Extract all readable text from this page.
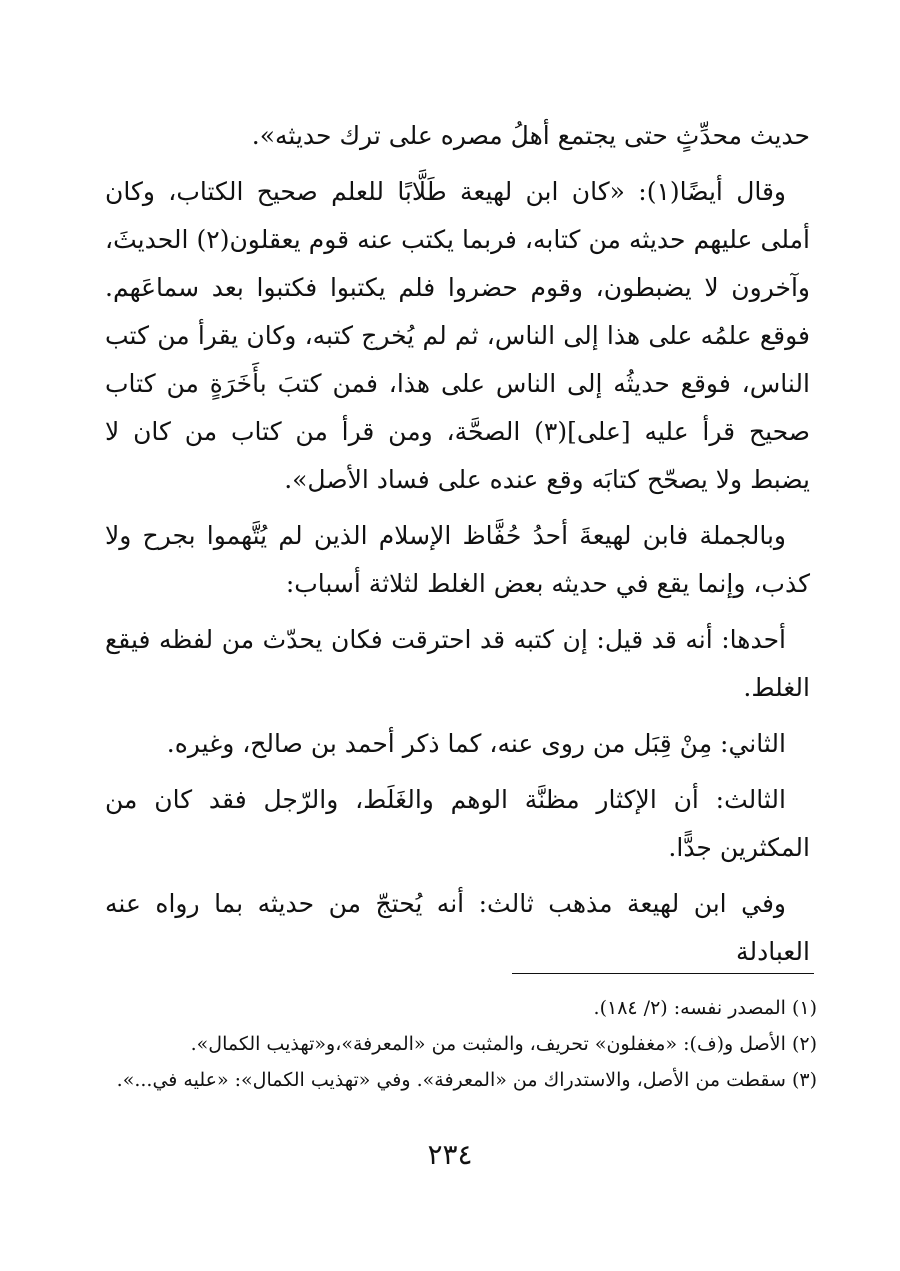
حديث محدِّثٍ حتى يجتمع أهلُ مصره على ترك حديثه».

وقال أيضًا(١): «كان ابن لهيعة طَلَّابًا للعلم صحيح الكتاب، وكان أملى عليهم حديثه من كتابه، فربما يكتب عنه قوم يعقلون(٢) الحديثَ، وآخرون لا يضبطون، وقوم حضروا فلم يكتبوا فكتبوا بعد سماعَهم. فوقع علمُه على هذا إلى الناس، ثم لم يُخرج كتبه، وكان يقرأ من كتب الناس، فوقع حديثُه إلى الناس على هذا، فمن كتبَ بأَخَرَةٍ من كتاب صحيح قرأ عليه [على](٣) الصحَّة، ومن قرأ من كتاب من كان لا يضبط ولا يصحّح كتابَه وقع عنده على فساد الأصل».

وبالجملة فابن لهيعةَ أحدُ حُفَّاظ الإسلام الذين لم يُتَّهموا بجرح ولا كذب، وإنما يقع في حديثه بعض الغلط لثلاثة أسباب:

أحدها: أنه قد قيل: إن كتبه قد احترقت فكان يحدّث من لفظه فيقع الغلط.

الثاني: مِنْ قِبَل من روى عنه، كما ذكر أحمد بن صالح، وغيره.

الثالث: أن الإكثار مظنَّة الوهم والغَلَط، والرّجل فقد كان من المكثرين جدًّا.

وفي ابن لهيعة مذهب ثالث: أنه يُحتجّ من حديثه بما رواه عنه العبادلة

(١) المصدر نفسه: (٢/ ١٨٤).
(٢) الأصل و(ف): «مغفلون» تحريف، والمثبت من «المعرفة»،و«تهذيب الكمال».
(٣) سقطت من الأصل، والاستدراك من «المعرفة». وفي «تهذيب الكمال»: «عليه في...».
٢٣٤
